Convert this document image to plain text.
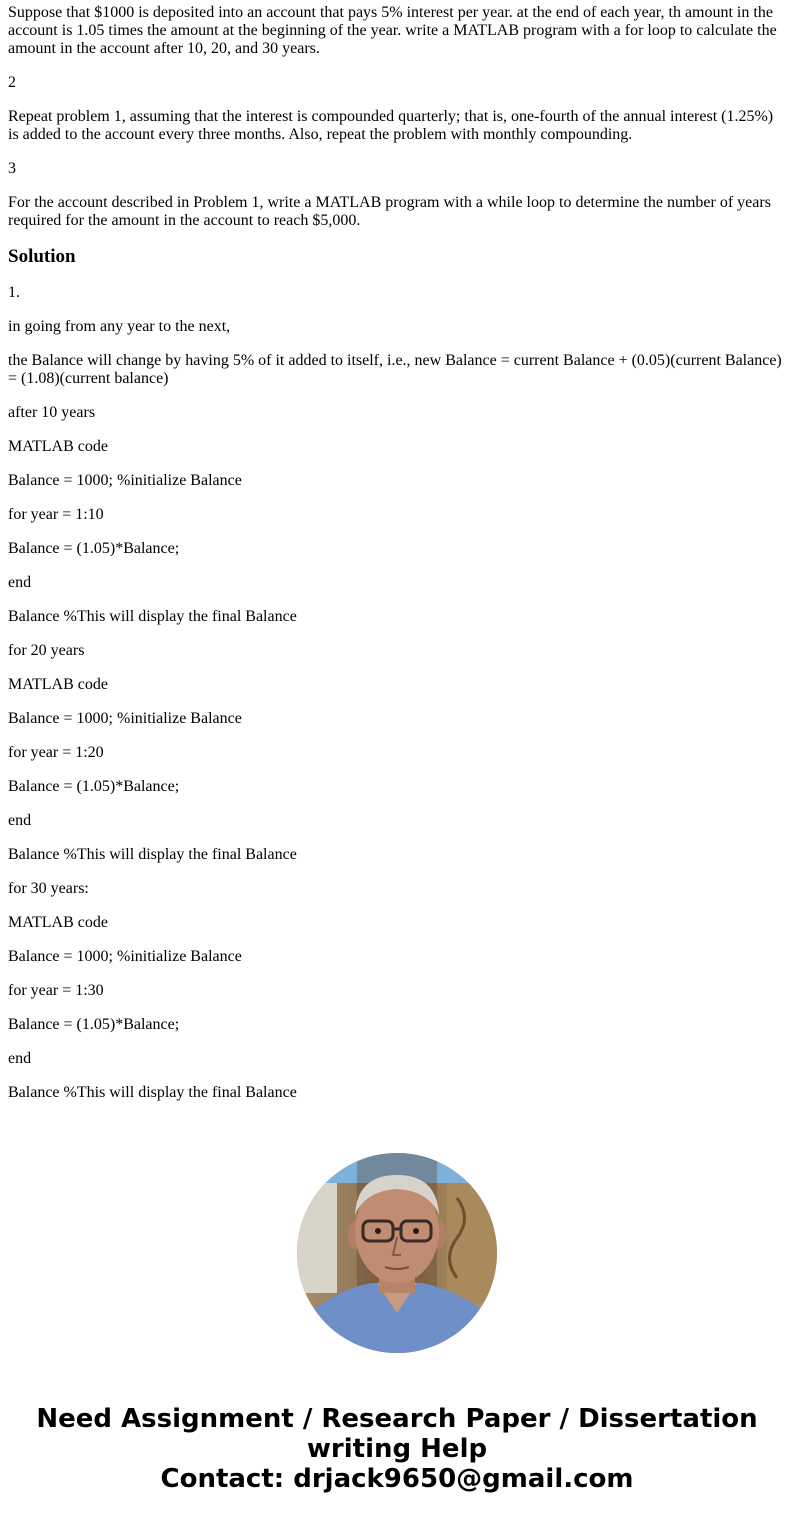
Suppose that $1000 is deposited into an account that pays 5% interest per year. at the end of each year, th amount in the account is 1.05 times the amount at the beginning of the year. write a MATLAB program with a for loop to calculate the amount in the account after 10, 20, and 30 years.

2

Repeat problem 1, assuming that the interest is compounded quarterly; that is, one-fourth of the annual interest (1.25%) is added to the account every three months. Also, repeat the problem with monthly compounding.

3

For the account described in Problem 1, write a MATLAB program with a while loop to determine the number of years required for the amount in the account to reach $5,000.

Solution

1.

in going from any year to the next,

the Balance will change by having 5% of it added to itself, i.e., new Balance = current Balance + (0.05)(current Balance) = (1.08)(current balance)

after 10 years

MATLAB code

Balance = 1000; %initialize Balance

for year = 1:10

Balance = (1.05)*Balance;

end

Balance %This will display the final Balance

for 20 years

MATLAB code

Balance = 1000; %initialize Balance

for year = 1:20

Balance = (1.05)*Balance;

end

Balance %This will display the final Balance

for 30 years:

MATLAB code

Balance = 1000; %initialize Balance

for year = 1:30

Balance = (1.05)*Balance;

end

Balance %This will display the final Balance

Need Assignment / Research Paper / Dissertation
writing Help
Contact: drjack9650@gmail.com
